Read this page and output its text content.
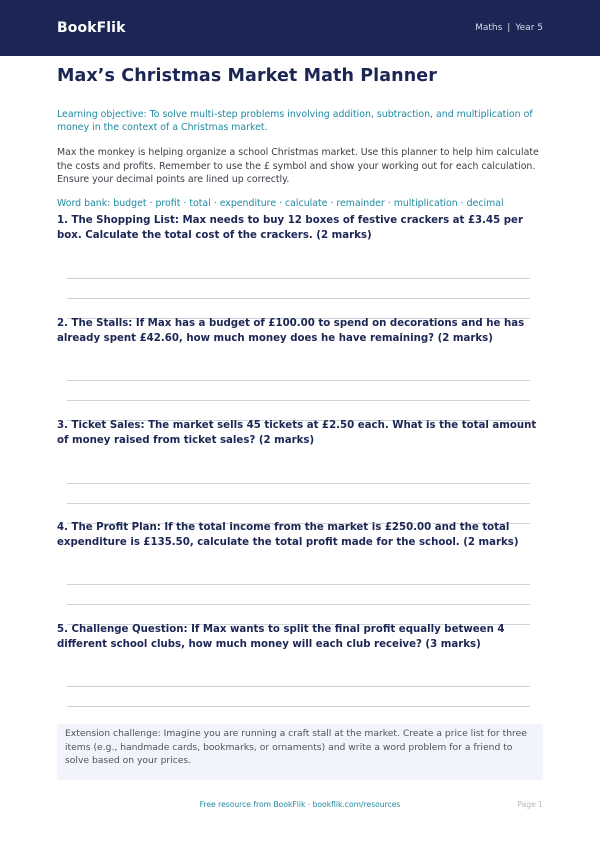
BookFlik	Maths | Year 5
Max’s Christmas Market Math Planner
Learning objective: To solve multi-step problems involving addition, subtraction, and multiplication of money in the context of a Christmas market.
Max the monkey is helping organize a school Christmas market. Use this planner to help him calculate the costs and profits. Remember to use the £ symbol and show your working out for each calculation. Ensure your decimal points are lined up correctly.
Word bank: budget · profit · total · expenditure · calculate · remainder · multiplication · decimal
1. The Shopping List: Max needs to buy 12 boxes of festive crackers at £3.45 per box. Calculate the total cost of the crackers. (2 marks)
2. The Stalls: If Max has a budget of £100.00 to spend on decorations and he has already spent £42.60, how much money does he have remaining? (2 marks)
3. Ticket Sales: The market sells 45 tickets at £2.50 each. What is the total amount of money raised from ticket sales? (2 marks)
4. The Profit Plan: If the total income from the market is £250.00 and the total expenditure is £135.50, calculate the total profit made for the school. (2 marks)
5. Challenge Question: If Max wants to split the final profit equally between 4 different school clubs, how much money will each club receive? (3 marks)
Extension challenge: Imagine you are running a craft stall at the market. Create a price list for three items (e.g., handmade cards, bookmarks, or ornaments) and write a word problem for a friend to solve based on your prices.
Free resource from BookFlik · bookflik.com/resources	Page 1
